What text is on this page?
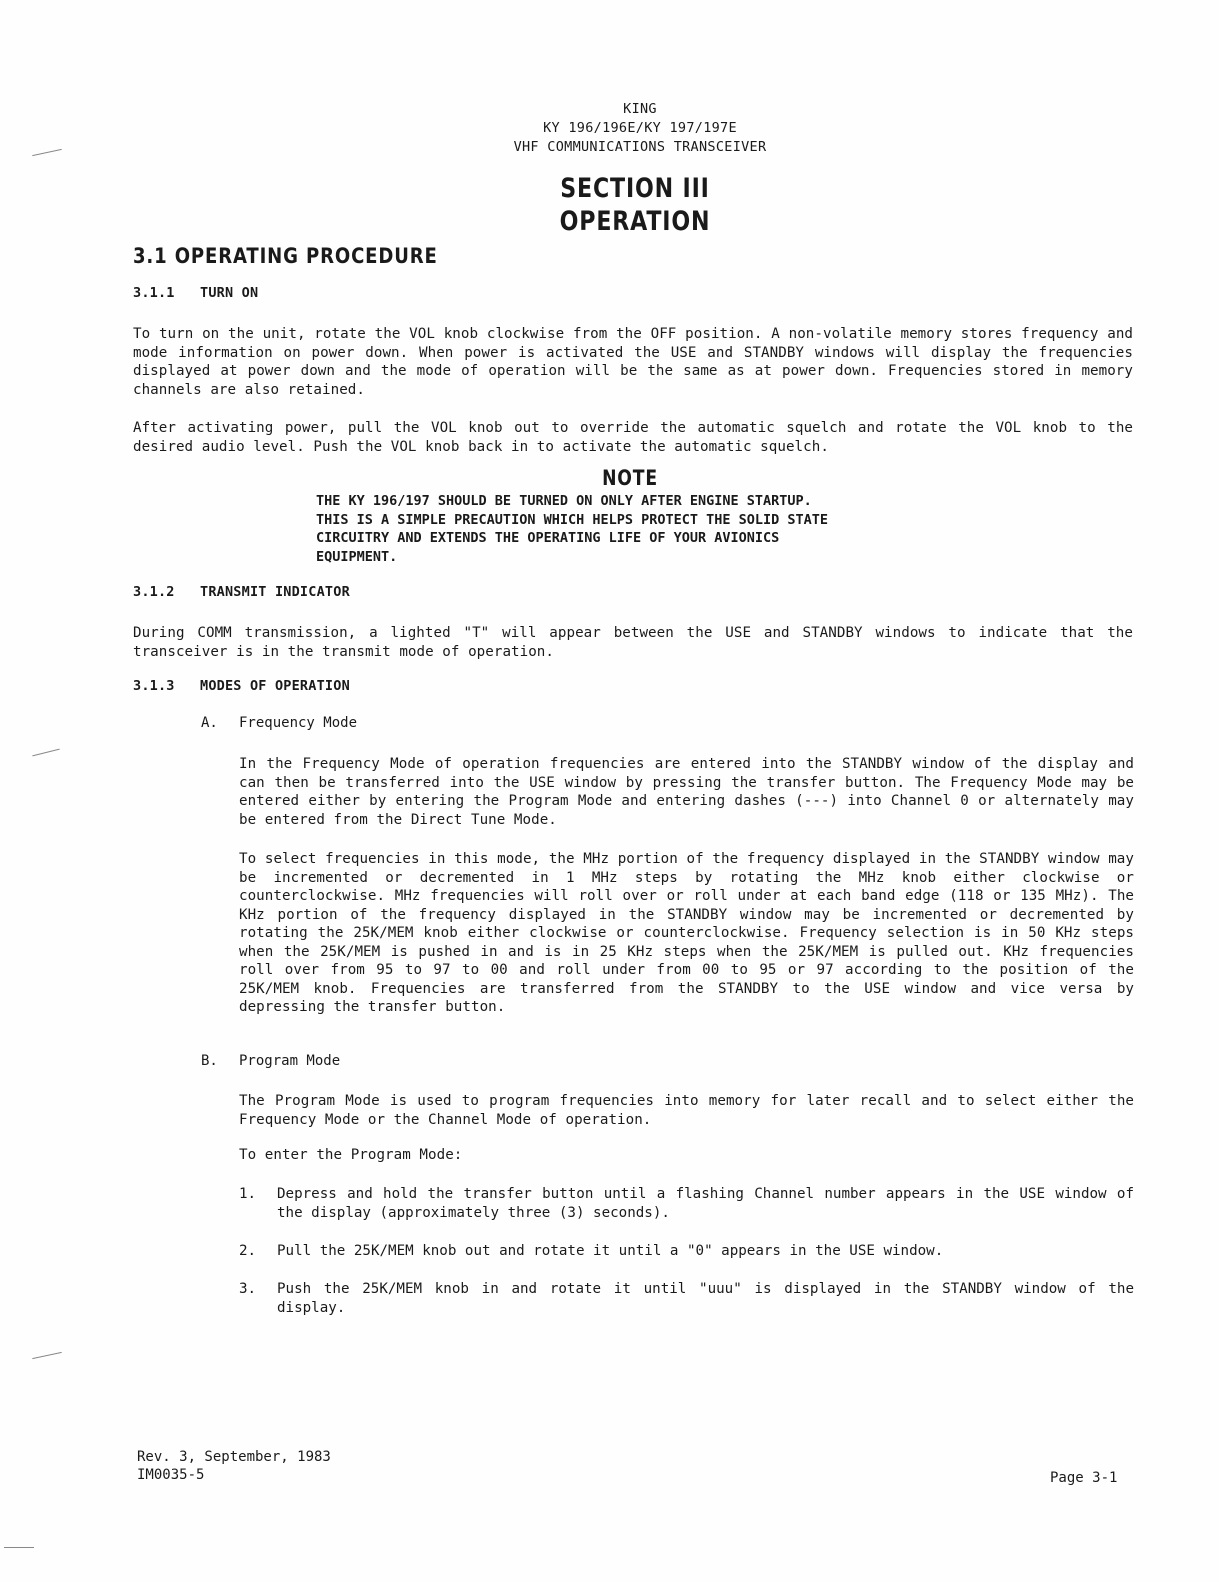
KING
KY 196/196E/KY 197/197E
VHF COMMUNICATIONS TRANSCEIVER
SECTION III
OPERATION
3.1 OPERATING PROCEDURE
3.1.1 TURN ON
To turn on the unit, rotate the VOL knob clockwise from the OFF position. A non-volatile memory stores frequency and mode information on power down. When power is activated the USE and STANDBY windows will display the frequencies displayed at power down and the mode of operation will be the same as at power down. Frequencies stored in memory channels are also retained.
After activating power, pull the VOL knob out to override the automatic squelch and rotate the VOL knob to the desired audio level. Push the VOL knob back in to activate the automatic squelch.
NOTE
THE KY 196/197 SHOULD BE TURNED ON ONLY AFTER ENGINE STARTUP.
THIS IS A SIMPLE PRECAUTION WHICH HELPS PROTECT THE SOLID STATE
CIRCUITRY AND EXTENDS THE OPERATING LIFE OF YOUR AVIONICS
EQUIPMENT.
3.1.2 TRANSMIT INDICATOR
During COMM transmission, a lighted "T" will appear between the USE and STANDBY windows to indicate that the transceiver is in the transmit mode of operation.
3.1.3 MODES OF OPERATION
A. Frequency Mode
In the Frequency Mode of operation frequencies are entered into the STANDBY window of the display and can then be transferred into the USE window by pressing the transfer button. The Frequency Mode may be entered either by entering the Program Mode and entering dashes (---) into Channel 0 or alternately may be entered from the Direct Tune Mode.
To select frequencies in this mode, the MHz portion of the frequency displayed in the STANDBY window may be incremented or decremented in 1 MHz steps by rotating the MHz knob either clockwise or counterclockwise. MHz frequencies will roll over or roll under at each band edge (118 or 135 MHz). The KHz portion of the frequency displayed in the STANDBY window may be incremented or decremented by rotating the 25K/MEM knob either clockwise or counterclockwise. Frequency selection is in 50 KHz steps when the 25K/MEM is pushed in and is in 25 KHz steps when the 25K/MEM is pulled out. KHz frequencies roll over from 95 to 97 to 00 and roll under from 00 to 95 or 97 according to the position of the 25K/MEM knob. Frequencies are transferred from the STANDBY to the USE window and vice versa by depressing the transfer button.
B. Program Mode
The Program Mode is used to program frequencies into memory for later recall and to select either the Frequency Mode or the Channel Mode of operation.
To enter the Program Mode:
1. Depress and hold the transfer button until a flashing Channel number appears in the USE window of the display (approximately three (3) seconds).
2. Pull the 25K/MEM knob out and rotate it until a "0" appears in the USE window.
3. Push the 25K/MEM knob in and rotate it until "uuu" is displayed in the STANDBY window of the display.
Rev. 3, September, 1983
IM0035-5	Page 3-1
